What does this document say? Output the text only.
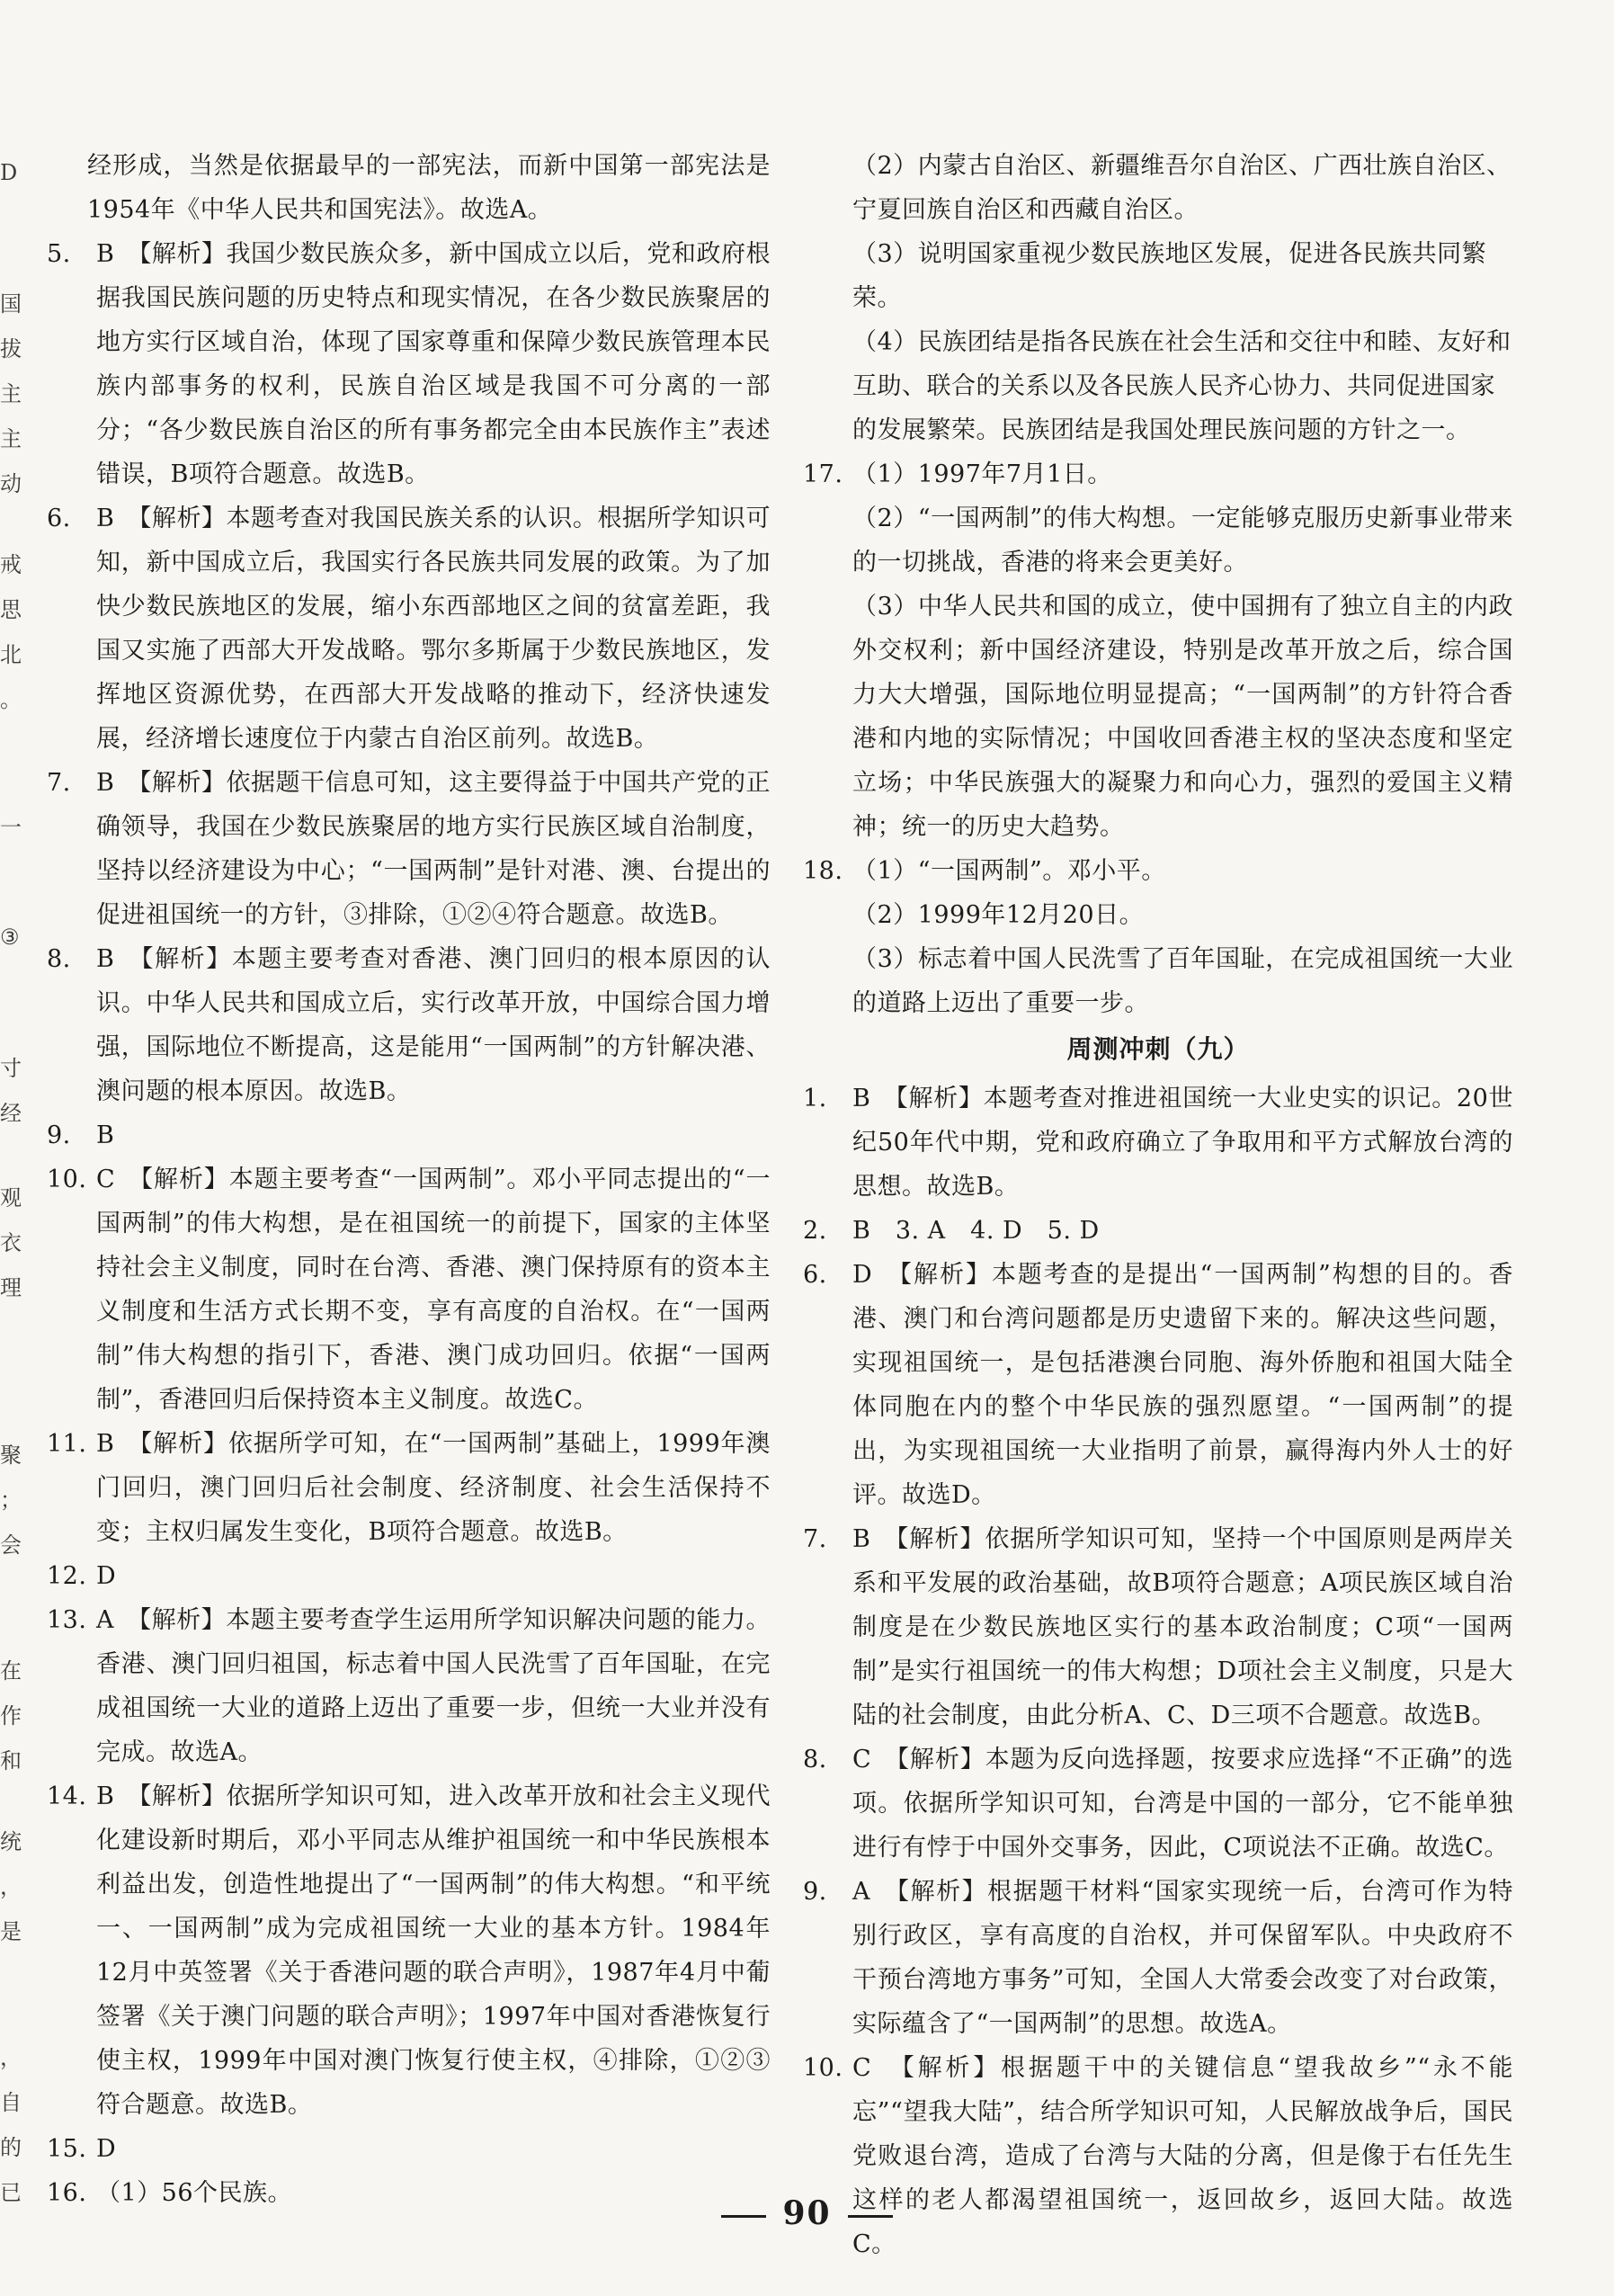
D
国
拔
主
主
动
戒
思
北
。
一
③
寸
经
观
衣
理
聚
；
会
在
作
和
统
，
是
，
自
的
已

经形成，当然是依据最早的一部宪法，而新中国第一部宪法是1954年《中华人民共和国宪法》。故选A。

5. B　【解析】我国少数民族众多，新中国成立以后，党和政府根据我国民族问题的历史特点和现实情况，在各少数民族聚居的地方实行区域自治，体现了国家尊重和保障少数民族管理本民族内部事务的权利，民族自治区域是我国不可分离的一部分；“各少数民族自治区的所有事务都完全由本民族作主”表述错误，B项符合题意。故选B。

6. B　【解析】本题考查对我国民族关系的认识。根据所学知识可知，新中国成立后，我国实行各民族共同发展的政策。为了加快少数民族地区的发展，缩小东西部地区之间的贫富差距，我国又实施了西部大开发战略。鄂尔多斯属于少数民族地区，发挥地区资源优势，在西部大开发战略的推动下，经济快速发展，经济增长速度位于内蒙古自治区前列。故选B。

7. B　【解析】依据题干信息可知，这主要得益于中国共产党的正确领导，我国在少数民族聚居的地方实行民族区域自治制度，坚持以经济建设为中心；“一国两制”是针对港、澳、台提出的促进祖国统一的方针，③排除，①②④符合题意。故选B。

8. B　【解析】本题主要考查对香港、澳门回归的根本原因的认识。中华人民共和国成立后，实行改革开放，中国综合国力增强，国际地位不断提高，这是能用“一国两制”的方针解决港、澳问题的根本原因。故选B。

9. B

10. C　【解析】本题主要考查“一国两制”。邓小平同志提出的“一国两制”的伟大构想，是在祖国统一的前提下，国家的主体坚持社会主义制度，同时在台湾、香港、澳门保持原有的资本主义制度和生活方式长期不变，享有高度的自治权。在“一国两制”伟大构想的指引下，香港、澳门成功回归。依据“一国两制”，香港回归后保持资本主义制度。故选C。

11. B　【解析】依据所学可知，在“一国两制”基础上，1999年澳门回归，澳门回归后社会制度、经济制度、社会生活保持不变；主权归属发生变化，B项符合题意。故选B。

12. D

13. A　【解析】本题主要考查学生运用所学知识解决问题的能力。香港、澳门回归祖国，标志着中国人民洗雪了百年国耻，在完成祖国统一大业的道路上迈出了重要一步，但统一大业并没有完成。故选A。

14. B　【解析】依据所学知识可知，进入改革开放和社会主义现代化建设新时期后，邓小平同志从维护祖国统一和中华民族根本利益出发，创造性地提出了“一国两制”的伟大构想。“和平统一、一国两制”成为完成祖国统一大业的基本方针。1984年12月中英签署《关于香港问题的联合声明》，1987年4月中葡签署《关于澳门问题的联合声明》；1997年中国对香港恢复行使主权，1999年中国对澳门恢复行使主权，④排除，①②③符合题意。故选B。

15. D

16. （1）56个民族。

（2）内蒙古自治区、新疆维吾尔自治区、广西壮族自治区、宁夏回族自治区和西藏自治区。

（3）说明国家重视少数民族地区发展，促进各民族共同繁荣。

（4）民族团结是指各民族在社会生活和交往中和睦、友好和互助、联合的关系以及各民族人民齐心协力、共同促进国家的发展繁荣。民族团结是我国处理民族问题的方针之一。

17. （1）1997年7月1日。

（2）“一国两制”的伟大构想。一定能够克服历史新事业带来的一切挑战，香港的将来会更美好。

（3）中华人民共和国的成立，使中国拥有了独立自主的内政外交权利；新中国经济建设，特别是改革开放之后，综合国力大大增强，国际地位明显提高；“一国两制”的方针符合香港和内地的实际情况；中国收回香港主权的坚决态度和坚定立场；中华民族强大的凝聚力和向心力，强烈的爱国主义精神；统一的历史大趋势。

18. （1）“一国两制”。邓小平。

（2）1999年12月20日。

（3）标志着中国人民洗雪了百年国耻，在完成祖国统一大业的道路上迈出了重要一步。

周测冲刺（九）
1. B　【解析】本题考查对推进祖国统一大业史实的识记。20世纪50年代中期，党和政府确立了争取用和平方式解放台湾的思想。故选B。

2. B　3. A　4. D　5. D

6. D　【解析】本题考查的是提出“一国两制”构想的目的。香港、澳门和台湾问题都是历史遗留下来的。解决这些问题，实现祖国统一，是包括港澳台同胞、海外侨胞和祖国大陆全体同胞在内的整个中华民族的强烈愿望。“一国两制”的提出，为实现祖国统一大业指明了前景，赢得海内外人士的好评。故选D。

7. B　【解析】依据所学知识可知，坚持一个中国原则是两岸关系和平发展的政治基础，故B项符合题意；A项民族区域自治制度是在少数民族地区实行的基本政治制度；C项“一国两制”是实行祖国统一的伟大构想；D项社会主义制度，只是大陆的社会制度，由此分析A、C、D三项不合题意。故选B。

8. C　【解析】本题为反向选择题，按要求应选择“不正确”的选项。依据所学知识可知，台湾是中国的一部分，它不能单独进行有悖于中国外交事务，因此，C项说法不正确。故选C。

9. A　【解析】根据题干材料“国家实现统一后，台湾可作为特别行政区，享有高度的自治权，并可保留军队。中央政府不干预台湾地方事务”可知，全国人大常委会改变了对台政策，实际蕴含了“一国两制”的思想。故选A。

10. C　【解析】根据题干中的关键信息“望我故乡”“永不能忘”“望我大陆”，结合所学知识可知，人民解放战争后，国民党败退台湾，造成了台湾与大陆的分离，但是像于右任先生这样的老人都渴望祖国统一，返回故乡，返回大陆。故选C。

90
